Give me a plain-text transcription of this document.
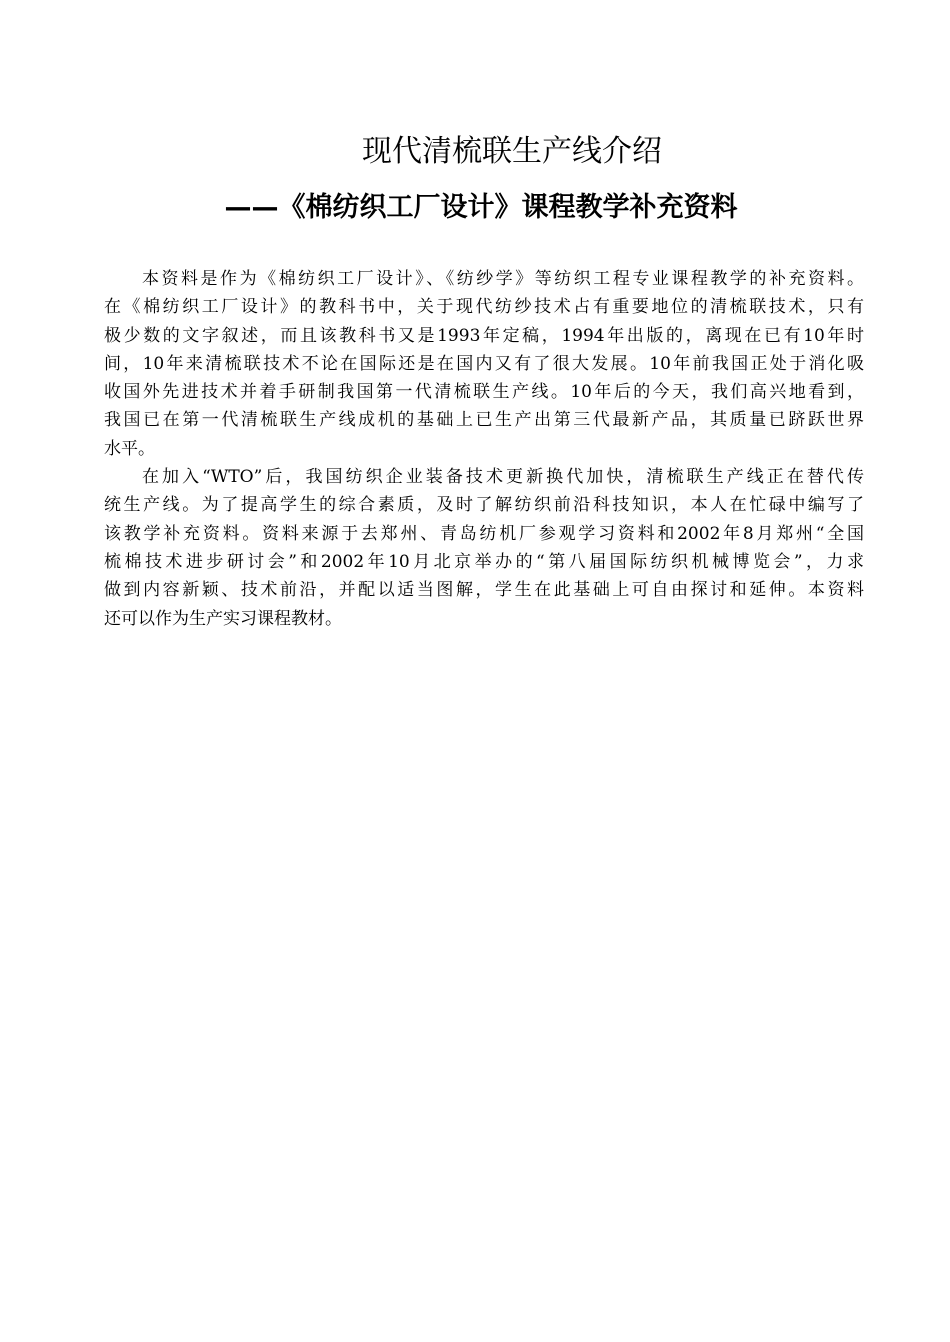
现代清梳联生产线介绍
——《棉纺织工厂设计》课程教学补充资料
本资料是作为《棉纺织工厂设计》、《纺纱学》等纺织工程专业课程教学的补充资料。
在《棉纺织工厂设计》的教科书中，关于现代纺纱技术占有重要地位的清梳联技术，只有
极少数的文字叙述，而且该教科书又是1993年定稿，1994年出版的，离现在已有10年时
间，10年来清梳联技术不论在国际还是在国内又有了很大发展。10年前我国正处于消化吸
收国外先进技术并着手研制我国第一代清梳联生产线。10年后的今天，我们高兴地看到，
我国已在第一代清梳联生产线成机的基础上已生产出第三代最新产品，其质量已跻跃世界
水平。
在加入“WTO”后，我国纺织企业装备技术更新换代加快，清梳联生产线正在替代传
统生产线。为了提高学生的综合素质，及时了解纺织前沿科技知识，本人在忙碌中编写了
该教学补充资料。资料来源于去郑州、青岛纺机厂参观学习资料和2002年8月郑州“全国
梳棉技术进步研讨会”和2002年10月北京举办的“第八届国际纺织机械博览会”，力求
做到内容新颖、技术前沿，并配以适当图解，学生在此基础上可自由探讨和延伸。本资料
还可以作为生产实习课程教材。
